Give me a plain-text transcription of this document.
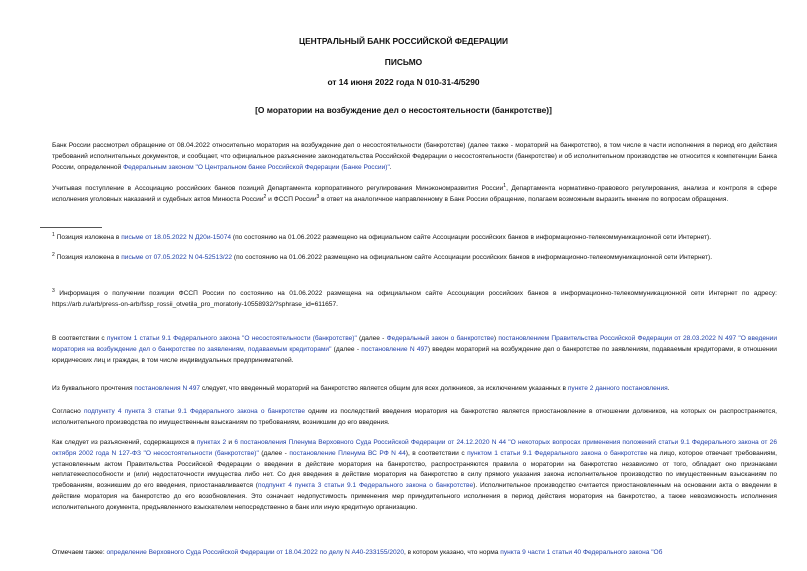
ЦЕНТРАЛЬНЫЙ БАНК РОССИЙСКОЙ ФЕДЕРАЦИИ
ПИСЬМО
от 14 июня 2022 года N 010-31-4/5290
[О моратории на возбуждение дел о несостоятельности (банкротстве)]

Банк России рассмотрел обращение от 08.04.2022 относительно моратория на возбуждение дел о несостоятельности (банкротстве) (далее также - мораторий на банкротство), в том числе в части исполнения в период его действия требований исполнительных документов, и сообщает, что официальное разъяснение законодательства Российской Федерации о несостоятельности (банкротстве) и об исполнительном производстве не относится к компетенции Банка России, определенной Федеральным законом "О Центральном банке Российской Федерации (Банке России)".

Учитывая поступление в Ассоциацию российских банков позиций Департамента корпоративного регулирования Минэкономразвития России$^1$, Департамента нормативно-правового регулирования, анализа и контроля в сфере исполнения уголовных наказаний и судебных актов Минюста России$^2$ и ФССП России$^3$ в ответ на аналогичное направленному в Банк России обращение, полагаем возможным выразить мнение по вопросам обращения.

$^1$ Позиция изложена в письме от 18.05.2022 N Д20и-15074 (по состоянию на 01.06.2022 размещено на официальном сайте Ассоциации российских банков в информационно-телекоммуникационной сети Интернет).

$^2$ Позиция изложена в письме от 07.05.2022 N 04-52513/22 (по состоянию на 01.06.2022 размещено на официальном сайте Ассоциации российских банков в информационно-телекоммуникационной сети Интернет).

$^3$ Информация о получении позиции ФССП России по состоянию на 01.06.2022 размещена на официальном сайте Ассоциации российских банков в информационно-телекоммуникационной сети Интернет по адресу: https://arb.ru/arb/press-on-arb/fssp_rossii_otvetila_pro_moratoriy-10558932/?sphrase_id=611657.

В соответствии с пунктом 1 статьи 9.1 Федерального закона "О несостоятельности (банкротстве)" (далее - Федеральный закон о банкротстве) постановлением Правительства Российской Федерации от 28.03.2022 N 497 "О введении моратория на возбуждение дел о банкротстве по заявлениям, подаваемым кредиторами" (далее - постановление N 497) введен мораторий на возбуждение дел о банкротстве по заявлениям, подаваемым кредиторами, в отношении юридических лиц и граждан, в том числе индивидуальных предпринимателей.

Из буквального прочтения постановления N 497 следует, что введенный мораторий на банкротство является общим для всех должников, за исключением указанных в пункте 2 данного постановления.

Согласно подпункту 4 пункта 3 статьи 9.1 Федерального закона о банкротстве одним из последствий введения моратория на банкротство является приостановление в отношении должников, на которых он распространяется, исполнительного производства по имущественным взысканиям по требованиям, возникшим до его введения.

Как следует из разъяснений, содержащихся в пунктах 2 и 6 постановления Пленума Верховного Суда Российской Федерации от 24.12.2020 N 44 "О некоторых вопросах применения положений статьи 9.1 Федерального закона от 26 октября 2002 года N 127-ФЗ "О несостоятельности (банкротстве)" (далее - постановление Пленума ВС РФ N 44), в соответствии с пунктом 1 статьи 9.1 Федерального закона о банкротстве на лицо, которое отвечает требованиям, установленным актом Правительства Российской Федерации о введении в действие моратория на банкротство, распространяются правила о моратории на банкротство независимо от того, обладает оно признаками неплатежеспособности и (или) недостаточности имущества либо нет. Со дня введения в действие моратория на банкротство в силу прямого указания закона исполнительное производство по имущественным взысканиям по требованиям, возникшим до его введения, приостанавливается (подпункт 4 пункта 3 статьи 9.1 Федерального закона о банкротстве). Исполнительное производство считается приостановленным на основании акта о введении в действие моратория на банкротство до его возобновления. Это означает недопустимость применения мер принудительного исполнения в период действия моратория на банкротство, а также невозможность исполнения исполнительного документа, предъявленного взыскателем непосредственно в банк или иную кредитную организацию.

Отмечаем также: определение Верховного Суда Российской Федерации от 18.04.2022 по делу N А40-233155/2020, в котором указано, что норма пункта 9 части 1 статьи 40 Федерального закона "Об
